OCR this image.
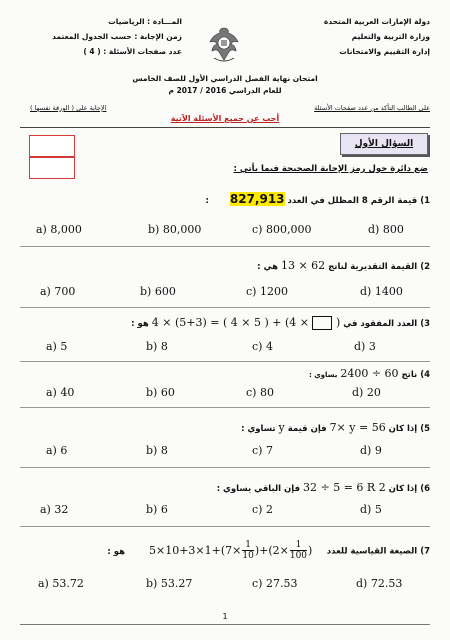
دولة الإمارات العربية المتحدة
وزارة التربية والتعليم
إدارة التقييم والامتحانات
المـــادة : الرياضيات
زمن الإجابة : حسب الجدول المعتمد
عدد صفحات الأسئلة : ( 4 )
امتحان نهاية الفصل الدراسي الأول للصف الخامس
للعام الدراسي 2016 / 2017 م
على الطالب التأكد من عدد صفحات الأسئلة
الإجابة على ( الورقة نفسها )
أجب عن جميع الأسئلة الآتية
السؤال الأول
ضع دائرة حول رمز الإجابة الصحيحة فيما يأتي :
1) قيمة الرقم 8 المظلل في العدد 827,913 :
a) 8,000	b) 80,000	c) 800,000	d) 800
2) القيمة التقديرية لناتج 13 × 62 هي :
a) 700	b) 600	c) 1200	d) 1400
3) العدد المفقود في 4 × (5+3) = ( 4 × 5 ) + (4 × ) هو :
a) 5	b) 8	c) 4	d) 3
4) ناتج 2400 ÷ 60 يساوي :
a) 40	b) 60	c) 80	d) 20
5) إذا كان 7× y = 56 فإن قيمة y تساوي :
a) 6	b) 8	c) 7	d) 9
6) إذا كان 32 ÷ 5 = 6 R 2 فإن الباقي يساوي :
a) 32	b) 6	c) 2	d) 5
7) الصيغة القياسية للعدد $5\times 10+3\times 1+(7\times \frac{1}{10} )+(2\times \frac{1}{100}$ ) هو :
a) 53.72	b) 53.27	c) 27.53	d) 72.53
1
